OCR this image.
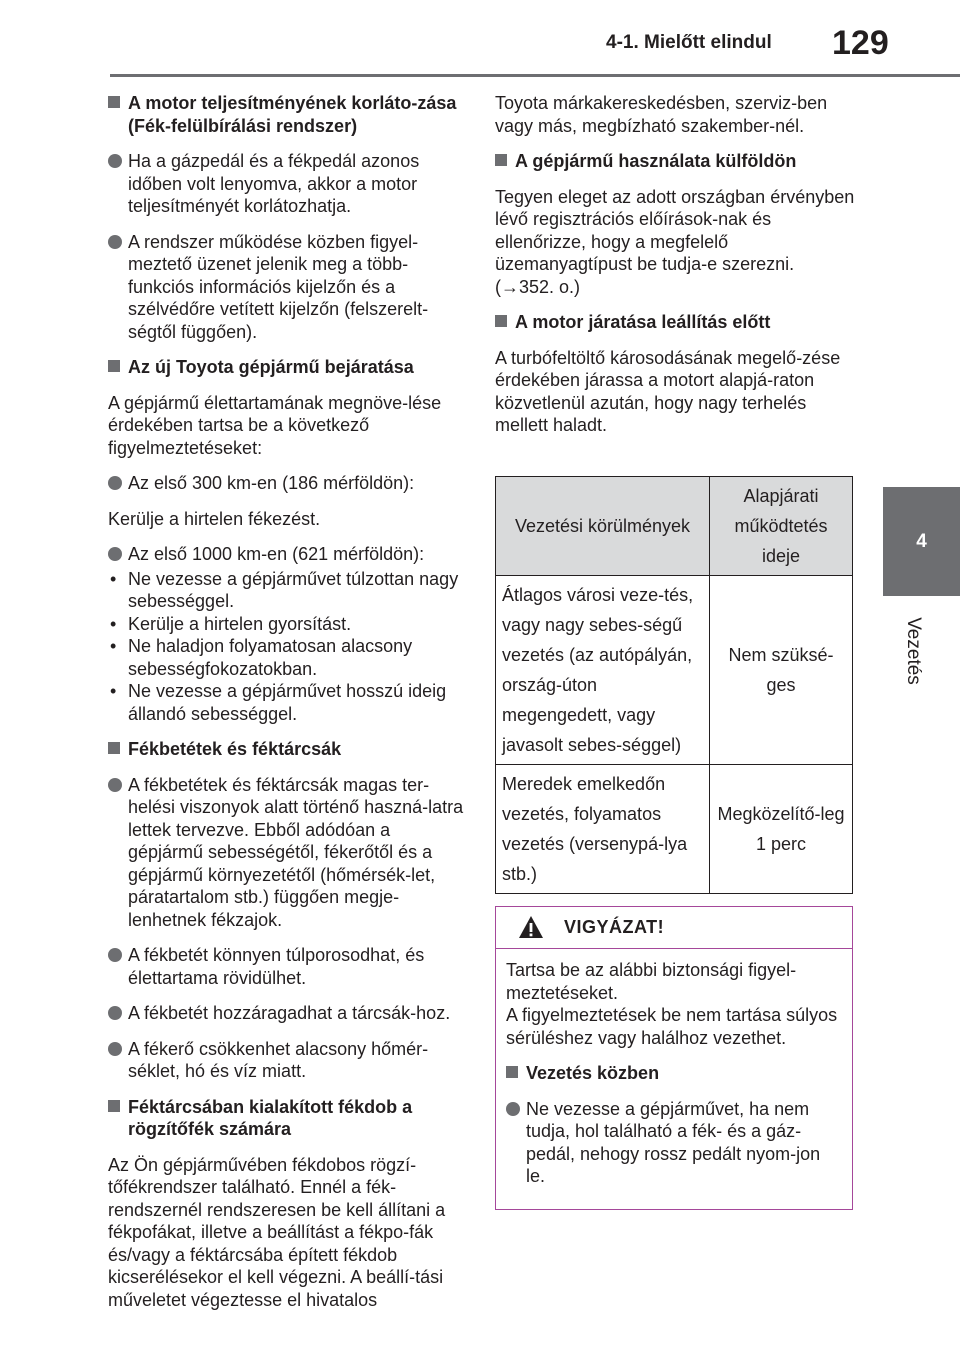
4-1. Mielőtt elindul 129
4
Vezetés
A motor teljesítményének korláto-zása (Fék-felülbírálási rendszer)
Ha a gázpedál és a fékpedál azonos időben volt lenyomva, akkor a motor teljesítményét korlátozhatja.
A rendszer működése közben figyel-meztető üzenet jelenik meg a több-funkciós információs kijelzőn és a szélvédőre vetített kijelzőn (felszerelt-ségtől függően).
Az új Toyota gépjármű bejáratása
A gépjármű élettartamának megnöve-lése érdekében tartsa be a következő figyelmeztetéseket:
Az első 300 km-en (186 mérföldön):
Kerülje a hirtelen fékezést.
Az első 1000 km-en (621 mérföldön):
• Ne vezesse a gépjárművet túlzottan nagy sebességgel.
• Kerülje a hirtelen gyorsítást.
• Ne haladjon folyamatosan alacsony sebességfokozatokban.
• Ne vezesse a gépjárművet hosszú ideig állandó sebességgel.
Fékbetétek és féktárcsák
A fékbetétek és féktárcsák magas ter-helési viszonyok alatt történő haszná-latra lettek tervezve. Ebből adódóan a gépjármű sebességétől, fékerőtől és a gépjármű környezetétől (hőmérsék-let, páratartalom stb.) függően megje-lenhetnek fékzajok.
A fékbetét könnyen túlporosodhat, és élettartama rövidülhet.
A fékbetét hozzáragadhat a tárcsák-hoz.
A fékerő csökkenhet alacsony hőmér-séklet, hó és víz miatt.
Féktárcsában kialakított fékdob a rögzítőfék számára
Az Ön gépjárművében fékdobos rögzí-tőfékrendszer található. Ennél a fék-rendszernél rendszeresen be kell állítani a fékpofákat, illetve a beállítást a fékpo-fák és/vagy a féktárcsába épített fékdob kicserélésekor el kell végezni. A beállí-tási műveletet végeztesse el hivatalos
Toyota márkakereskedésben, szerviz-ben vagy más, megbízható szakember-nél.
A gépjármű használata külföldön
Tegyen eleget az adott országban érvényben lévő regisztrációs előírások-nak és ellenőrizze, hogy a megfelelő üzemanyagtípust be tudja-e szerezni.
(→352. o.)
A motor járatása leállítás előtt
A turbófeltöltő károsodásának megelő-zése érdekében járassa a motort alapjá-raton közvetlenül azután, hogy nagy terhelés mellett haladt.
Vezetési körülmények	Alapjárati működtetés ideje
Átlagos városi veze-tés, vagy nagy sebes-ségű vezetés (az autópályán, ország-úton megengedett, vagy javasolt sebes-séggel)	Nem szüksé-ges
Meredek emelkedőn vezetés, folyamatos vezetés (versenypá-lya stb.)	Megközelítő-leg 1 perc
VIGYÁZAT!
Tartsa be az alábbi biztonsági figyel-meztetéseket.
A figyelmeztetések be nem tartása súlyos sérüléshez vagy halálhoz vezethet.
Vezetés közben
Ne vezesse a gépjárművet, ha nem tudja, hol található a fék- és a gáz-pedál, nehogy rossz pedált nyom-jon le.
